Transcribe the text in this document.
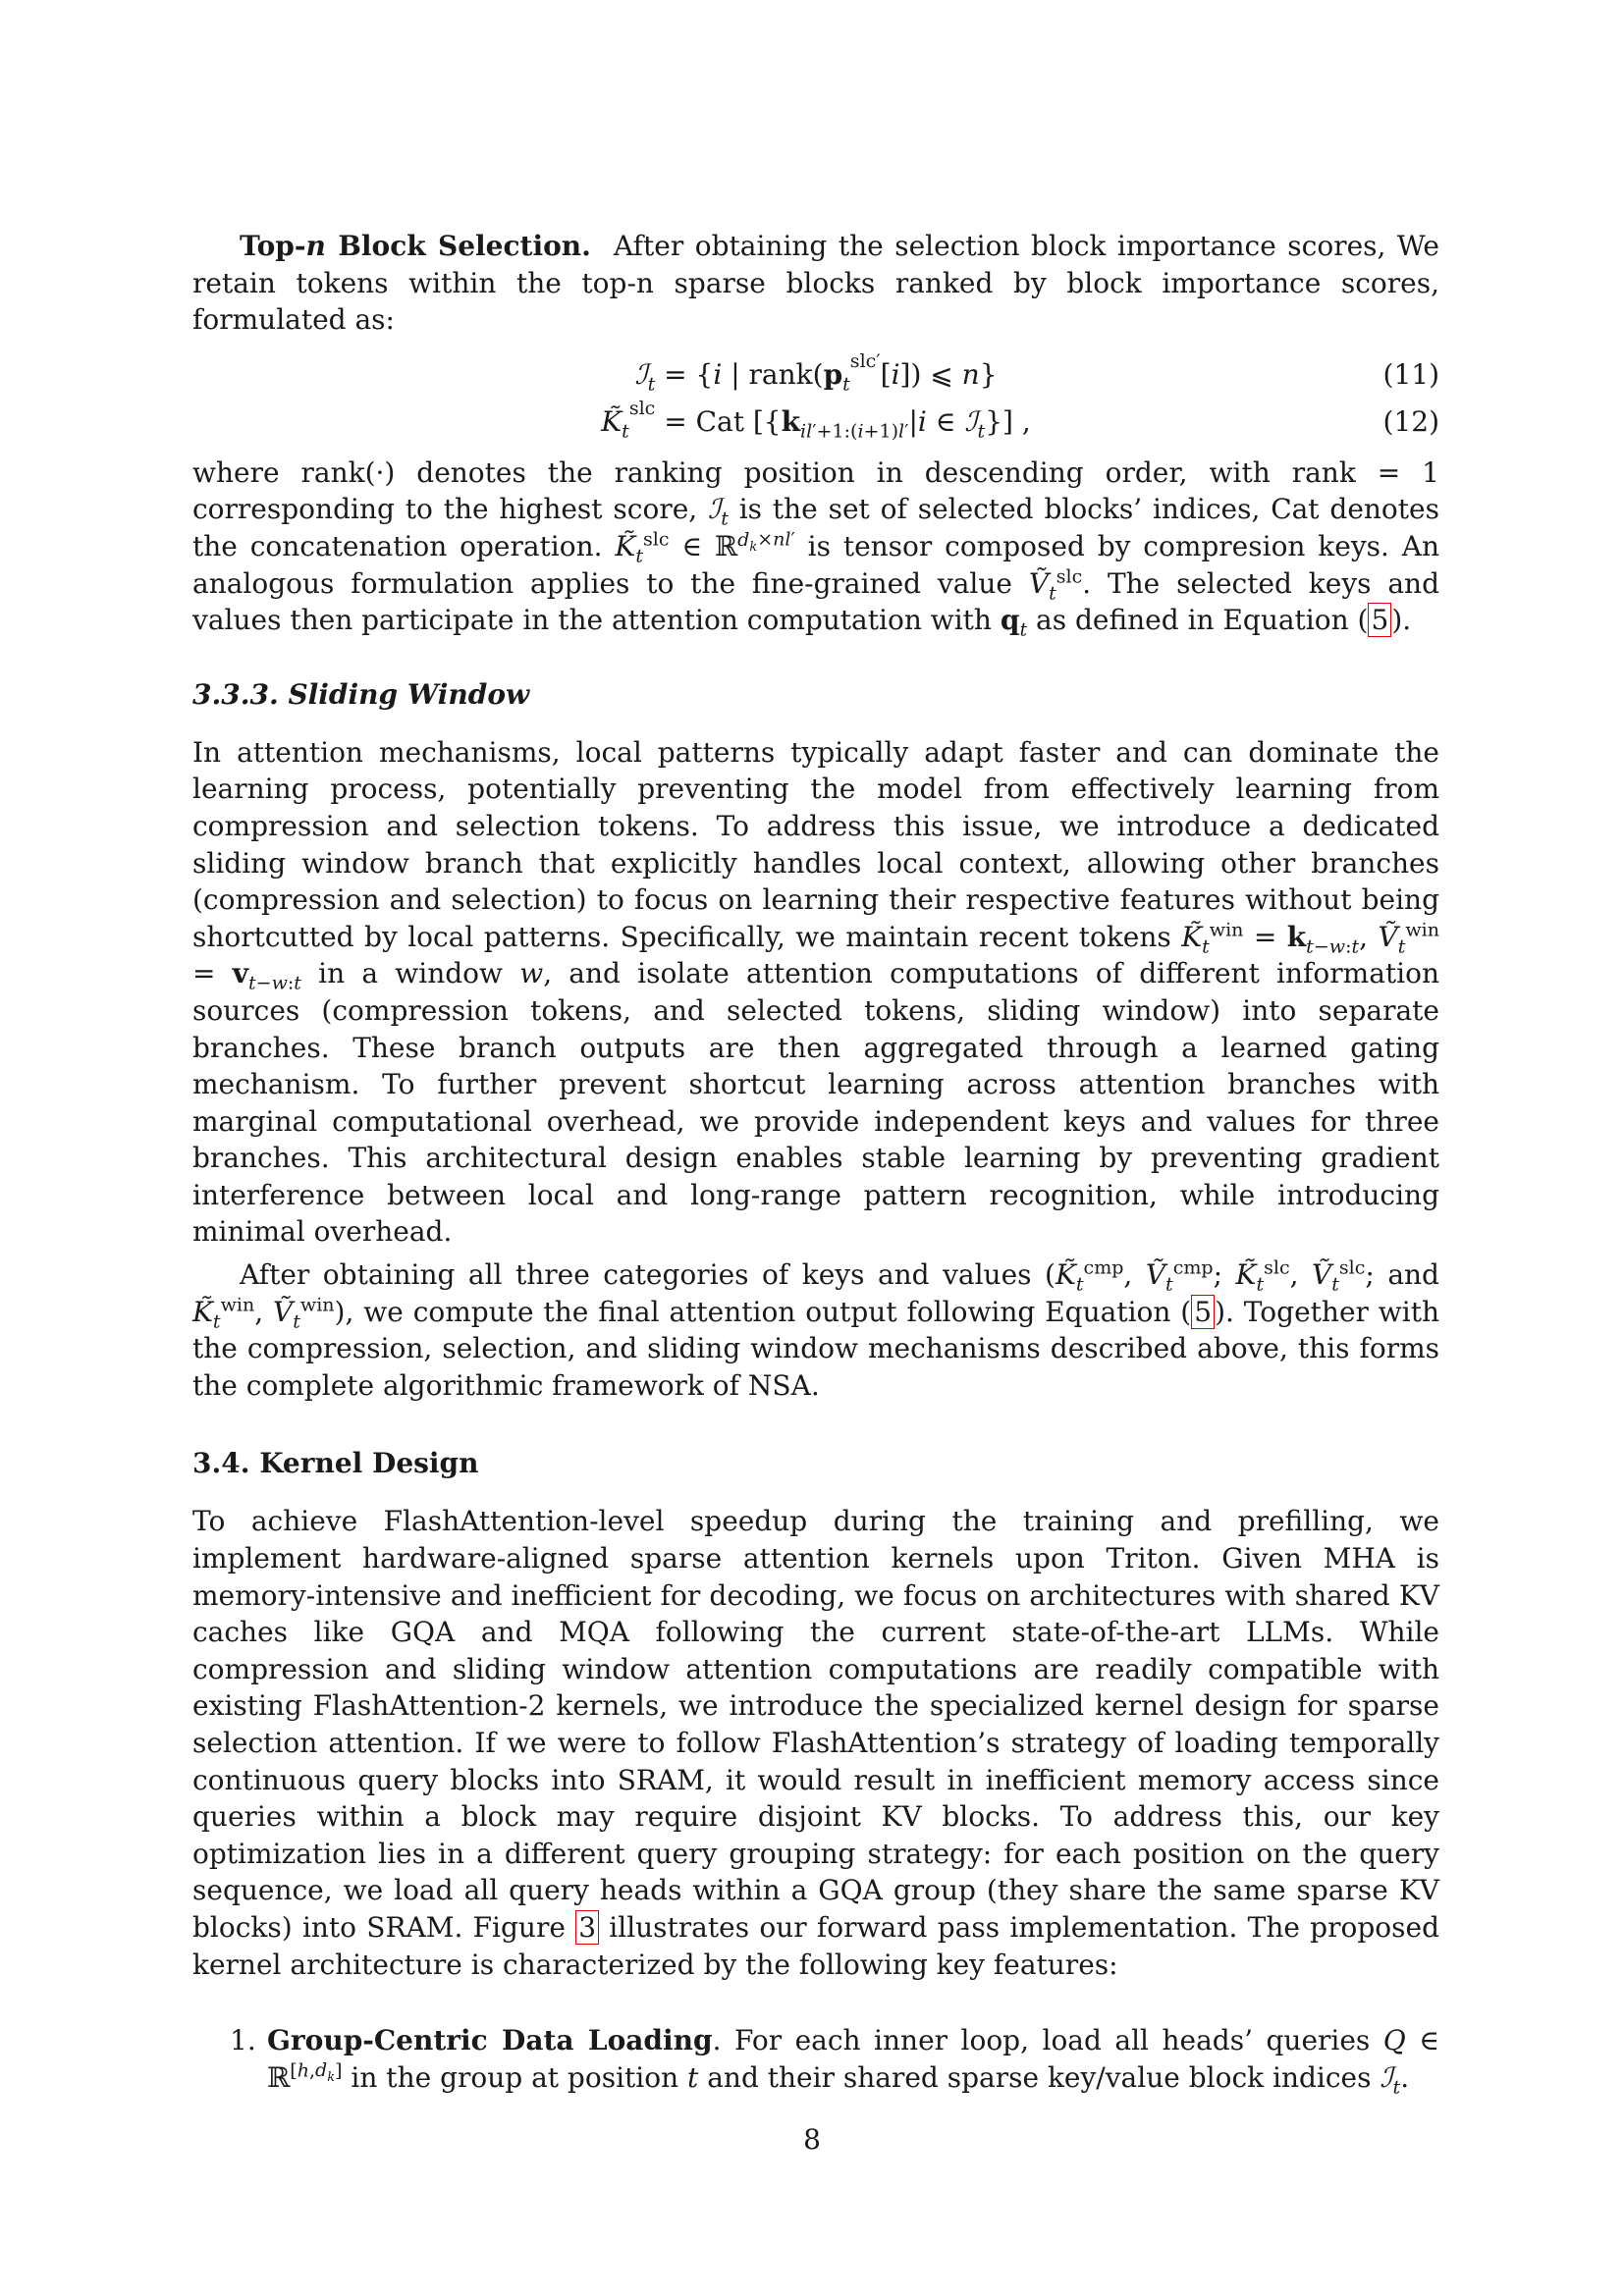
Top-n Block Selection. After obtaining the selection block importance scores, We retain tokens within the top-n sparse blocks ranked by block importance scores, formulated as:

ℐ$_t$ = {i | $rank(p_t^{slc'}[i])$ ⩽ n}	(11)
$K̃_t^{slc}$ = Cat [{$k_{il'+1:(i+1)l'}|i$ ∈ ℐ$_t$}] ,	(12)

where rank(·) denotes the ranking position in descending order, with rank = 1 corresponding to the highest score, ℐ$_t$ is the set of selected blocks’ indices, Cat denotes the concatenation operation. $K̃_t^{slc}$ ∈ ℝ$^{d_k\times nl'}$ is tensor composed by compresion keys. An analogous formulation applies to the fine-grained value Ṽ$_t^{slc}$. The selected keys and values then participate in the attention computation with $q_t$ as defined in Equation ( 5 ).

3.3.3. Sliding Window

In attention mechanisms, local patterns typically adapt faster and can dominate the learning process, potentially preventing the model from effectively learning from compression and selection tokens. To address this issue, we introduce a dedicated sliding window branch that explicitly handles local context, allowing other branches (compression and selection) to focus on learning their respective features without being shortcutted by local patterns. Specifically, we maintain recent tokens $K̃_t^{win} = k_{t-w:t}$, Ṽ$_t^{win}$ = $v_{t-w:t}$ in a window w, and isolate attention computations of different information sources (compression tokens, and selected tokens, sliding window) into separate branches. These branch outputs are then aggregated through a learned gating mechanism. To further prevent shortcut learning across attention branches with marginal computational overhead, we provide independent keys and values for three branches. This architectural design enables stable learning by preventing gradient interference between local and long-range pattern recognition, while introducing minimal overhead.

After obtaining all three categories of keys and values ($K̃_t^{cmp}$, Ṽ$_t^{cmp}$; $K̃_t^{slc}$, Ṽ$_t^{slc}$; and $K̃_t^{win}$, Ṽ$_t^{win}$), we compute the final attention output following Equation ( 5 ). Together with the compression, selection, and sliding window mechanisms described above, this forms the complete algorithmic framework of NSA.

3.4. Kernel Design

To achieve FlashAttention-level speedup during the training and prefilling, we implement hardware-aligned sparse attention kernels upon Triton. Given MHA is memory-intensive and inefficient for decoding, we focus on architectures with shared KV caches like GQA and MQA following the current state-of-the-art LLMs. While compression and sliding window attention computations are readily compatible with existing FlashAttention-2 kernels, we introduce the specialized kernel design for sparse selection attention. If we were to follow FlashAttention’s strategy of loading temporally continuous query blocks into SRAM, it would result in inefficient memory access since queries within a block may require disjoint KV blocks. To address this, our key optimization lies in a different query grouping strategy: for each position on the query sequence, we load all query heads within a GQA group (they share the same sparse KV blocks) into SRAM. Figure 3 illustrates our forward pass implementation. The proposed kernel architecture is characterized by the following key features:

1. Group-Centric Data Loading. For each inner loop, load all heads’ queries Q ∈ ℝ[h,dk] in the group at position t and their shared sparse key/value block indices ℐ$_t$.
8
